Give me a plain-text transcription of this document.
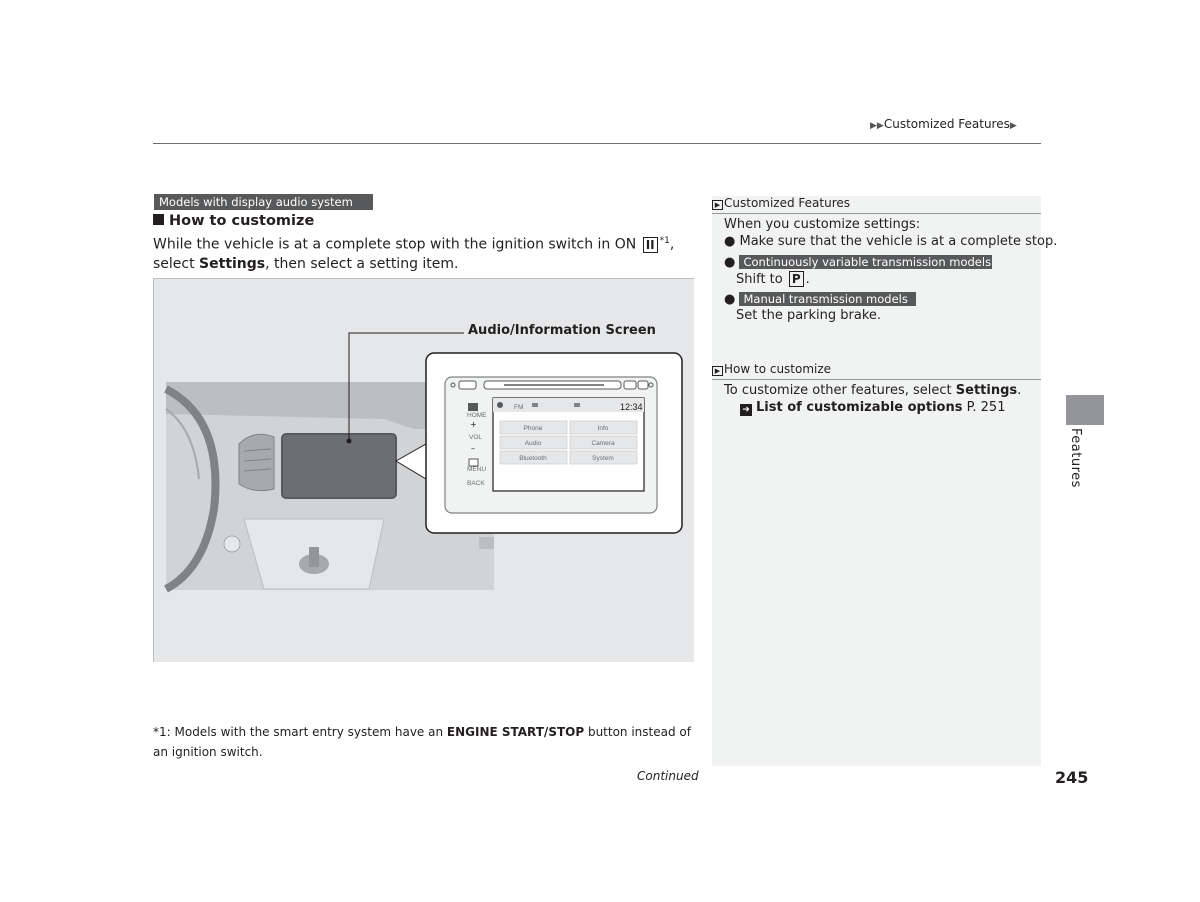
▶▶Customized Features▶
Models with display audio system
How to customize
While the vehicle is at a complete stop with the ignition switch in ON II $^{*1}$, select Settings, then select a setting item.
HOME
+
VOL
–
MENU
BACK
FM	12:34
Phone	Info
Audio	Camera
Bluetooth	System
Audio/Information Screen
*1: Models with the smart entry system have an ENGINE START/STOP button instead of an ignition switch.
Continued	245
▶ Customized Features
When you customize settings:
● Make sure that the vehicle is at a complete stop.
● Continuously variable transmission models
Shift to P .
● Manual transmission models
Set the parking brake.
▶ How to customize
To customize other features, select Settings.
➜ List of customizable options P. 251
Features
